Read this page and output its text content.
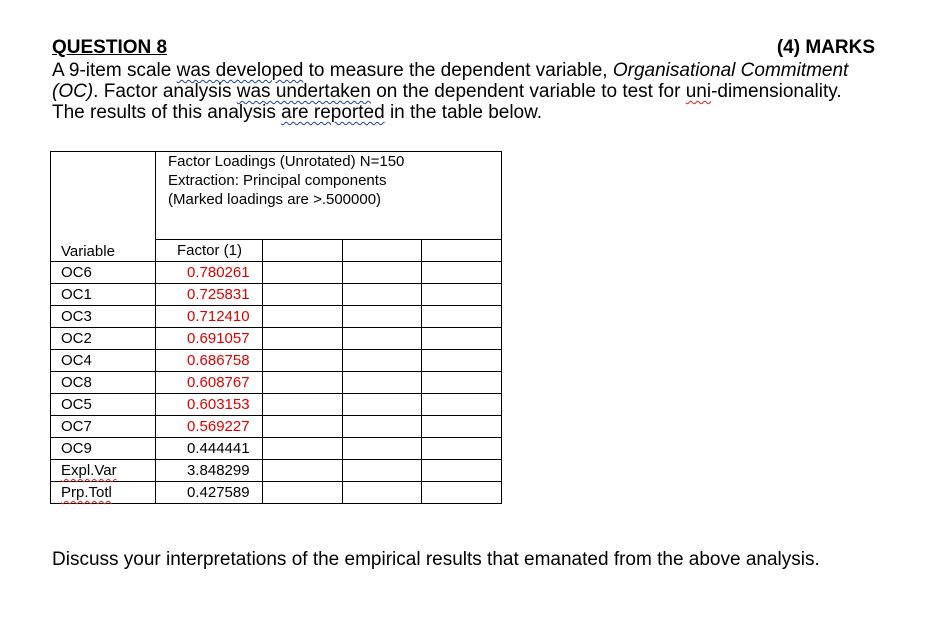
QUESTION 8	(4) MARKS

A 9-item scale was developed to measure the dependent variable, Organisational Commitment

(OC). Factor analysis was undertaken on the dependent variable to test for uni-dimensionality.

The results of this analysis are reported in the table below.

Variable	Factor Loadings (Unrotated) N=150
Extraction: Principal components
(Marked loadings are >.500000)			

	Factor (1)			
OC6	0.780261			
OC1	0.725831			
OC3	0.712410			
OC2	0.691057			
OC4	0.686758			
OC8	0.608767			
OC5	0.603153			
OC7	0.569227			
OC9	0.444441			
Expl.Var	3.848299			
Prp.Totl	0.427589			
Discuss your interpretations of the empirical results that emanated from the above analysis.
